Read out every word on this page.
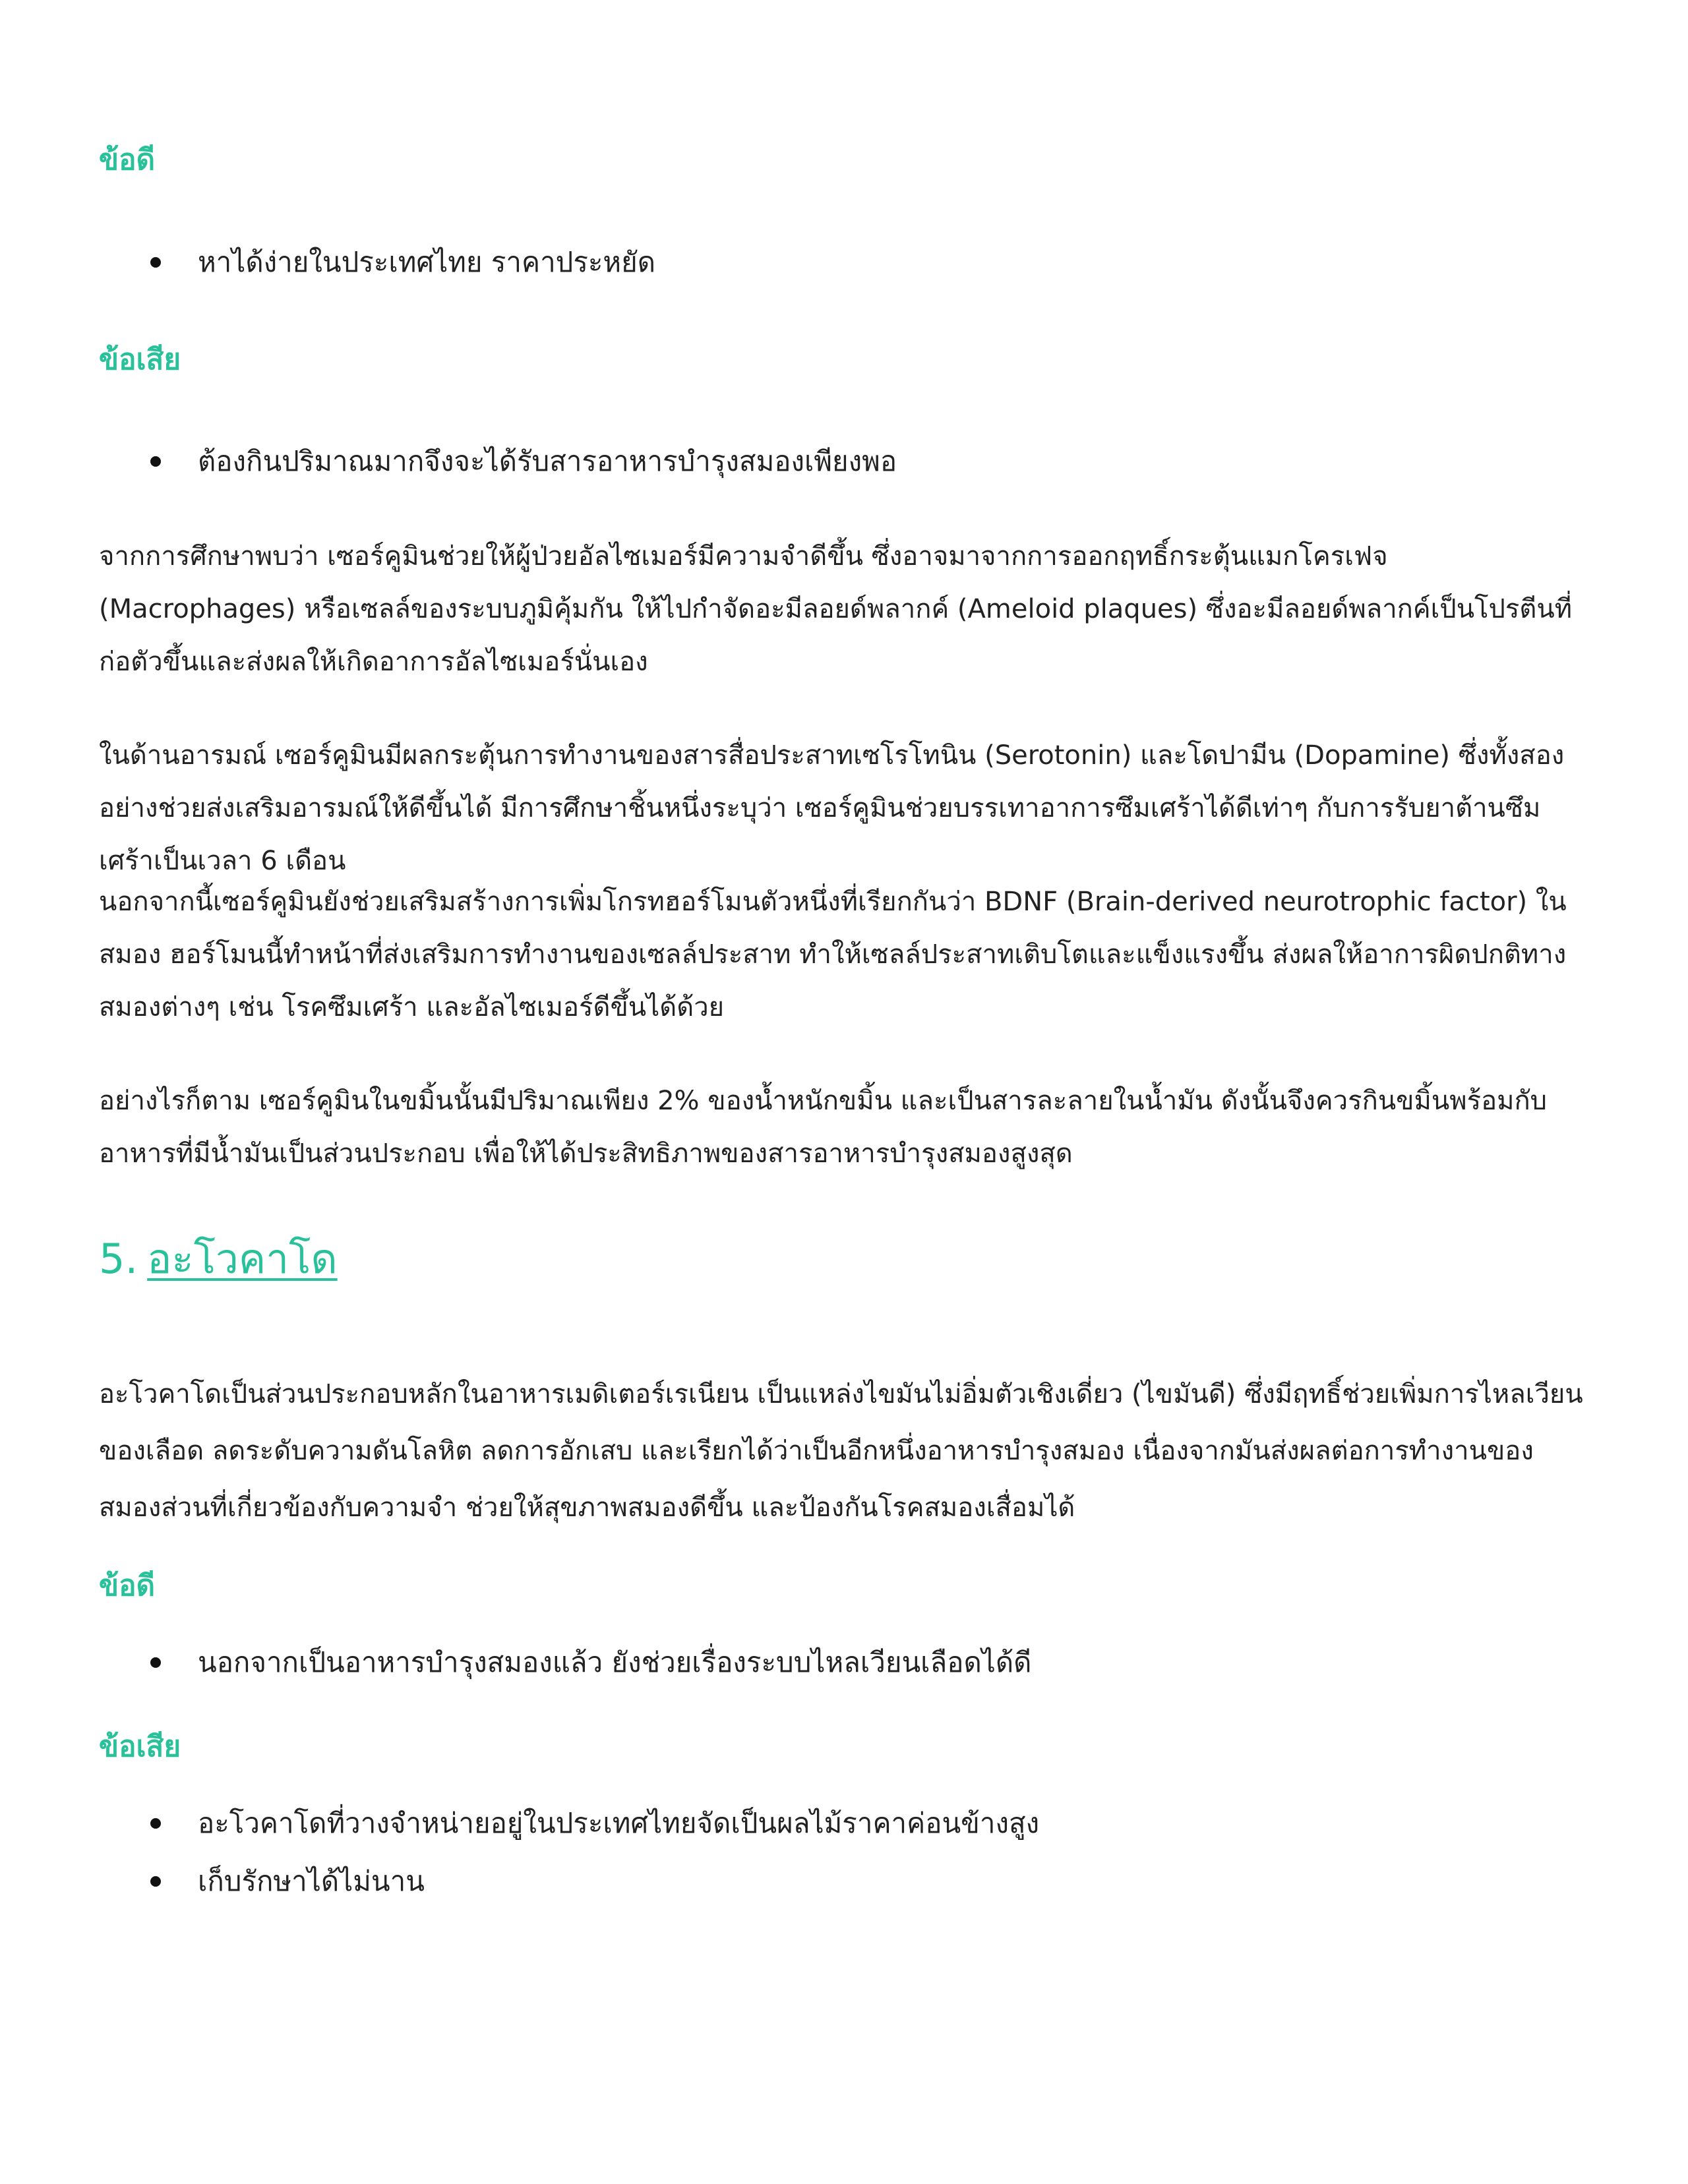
ข้อดี
หาได้ง่ายในประเทศไทย ราคาประหยัด
ข้อเสีย
ต้องกินปริมาณมากจึงจะได้รับสารอาหารบำรุงสมองเพียงพอ

จากการศึกษาพบว่า เซอร์คูมินช่วยให้ผู้ป่วยอัลไซเมอร์มีความจำดีขึ้น ซึ่งอาจมาจากการออกฤทธิ์กระตุ้นแมกโครเฟจ (Macrophages) หรือเซลล์ของระบบภูมิคุ้มกัน ให้ไปกำจัดอะมีลอยด์พลากค์ (Ameloid plaques) ซึ่งอะมีลอยด์พลากค์เป็นโปรตีนที่ก่อตัวขึ้นและส่งผลให้เกิดอาการอัลไซเมอร์นั่นเอง

ในด้านอารมณ์ เซอร์คูมินมีผลกระตุ้นการทำงานของสารสื่อประสาทเซโรโทนิน (Serotonin) และโดปามีน (Dopamine) ซึ่งทั้งสองอย่างช่วยส่งเสริมอารมณ์ให้ดีขึ้นได้ มีการศึกษาชิ้นหนึ่งระบุว่า เซอร์คูมินช่วยบรรเทาอาการซึมเศร้าได้ดีเท่าๆ กับการรับยาต้านซึมเศร้าเป็นเวลา 6 เดือน

นอกจากนี้เซอร์คูมินยังช่วยเสริมสร้างการเพิ่มโกรทฮอร์โมนตัวหนึ่งที่เรียกกันว่า BDNF (Brain-derived neurotrophic factor) ในสมอง ฮอร์โมนนี้ทำหน้าที่ส่งเสริมการทำงานของเซลล์ประสาท ทำให้เซลล์ประสาทเติบโตและแข็งแรงขึ้น ส่งผลให้อาการผิดปกติทางสมองต่างๆ เช่น โรคซึมเศร้า และอัลไซเมอร์ดีขึ้นได้ด้วย

อย่างไรก็ตาม เซอร์คูมินในขมิ้นนั้นมีปริมาณเพียง 2% ของน้ำหนักขมิ้น และเป็นสารละลายในน้ำมัน ดังนั้นจึงควรกินขมิ้นพร้อมกับอาหารที่มีน้ำมันเป็นส่วนประกอบ เพื่อให้ได้ประสิทธิภาพของสารอาหารบำรุงสมองสูงสุด

5. อะโวคาโด

อะโวคาโดเป็นส่วนประกอบหลักในอาหารเมดิเตอร์เรเนียน เป็นแหล่งไขมันไม่อิ่มตัวเชิงเดี่ยว (ไขมันดี) ซึ่งมีฤทธิ์ช่วยเพิ่มการไหลเวียนของเลือด ลดระดับความดันโลหิต ลดการอักเสบ และเรียกได้ว่าเป็นอีกหนึ่งอาหารบำรุงสมอง เนื่องจากมันส่งผลต่อการทำงานของสมองส่วนที่เกี่ยวข้องกับความจำ ช่วยให้สุขภาพสมองดีขึ้น และป้องกันโรคสมองเสื่อมได้

ข้อดี
นอกจากเป็นอาหารบำรุงสมองแล้ว ยังช่วยเรื่องระบบไหลเวียนเลือดได้ดี
ข้อเสีย
อะโวคาโดที่วางจำหน่ายอยู่ในประเทศไทยจัดเป็นผลไม้ราคาค่อนข้างสูง
เก็บรักษาได้ไม่นาน
